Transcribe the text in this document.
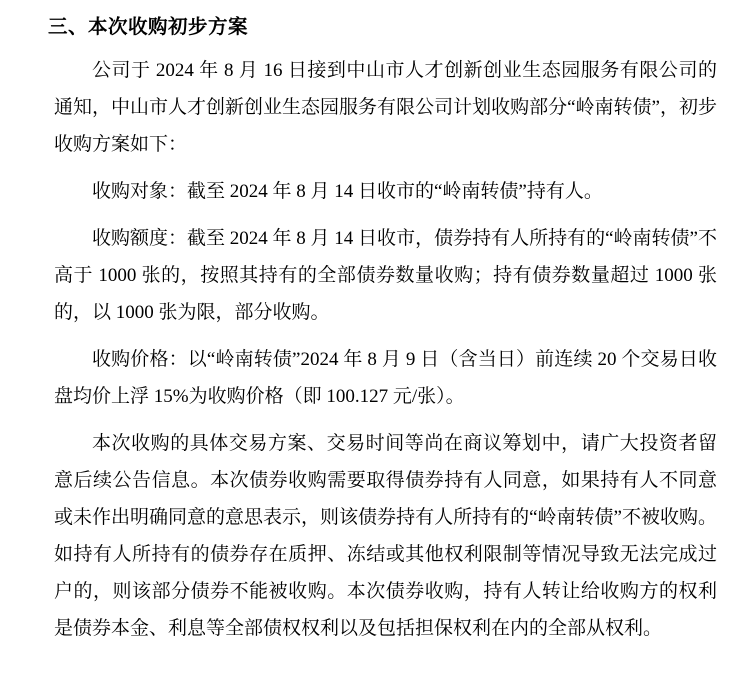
三、本次收购初步方案

公司于 2024 年 8 月 16 日接到中山市人才创新创业生态园服务有限公司的通知，中山市人才创新创业生态园服务有限公司计划收购部分“岭南转债”，初步收购方案如下：

收购对象：截至 2024 年 8 月 14 日收市的“岭南转债”持有人。

收购额度：截至 2024 年 8 月 14 日收市，债券持有人所持有的“岭南转债”不高于 1000 张的，按照其持有的全部债券数量收购；持有债券数量超过 1000 张的，以 1000 张为限，部分收购。

收购价格：以“岭南转债”2024 年 8 月 9 日（含当日）前连续 20 个交易日收盘均价上浮 15%为收购价格（即 100.127 元/张）。

本次收购的具体交易方案、交易时间等尚在商议筹划中，请广大投资者留意后续公告信息。本次债券收购需要取得债券持有人同意，如果持有人不同意或未作出明确同意的意思表示，则该债券持有人所持有的“岭南转债”不被收购。如持有人所持有的债券存在质押、冻结或其他权利限制等情况导致无法完成过户的，则该部分债券不能被收购。本次债券收购，持有人转让给收购方的权利是债券本金、利息等全部债权权利以及包括担保权利在内的全部从权利。
